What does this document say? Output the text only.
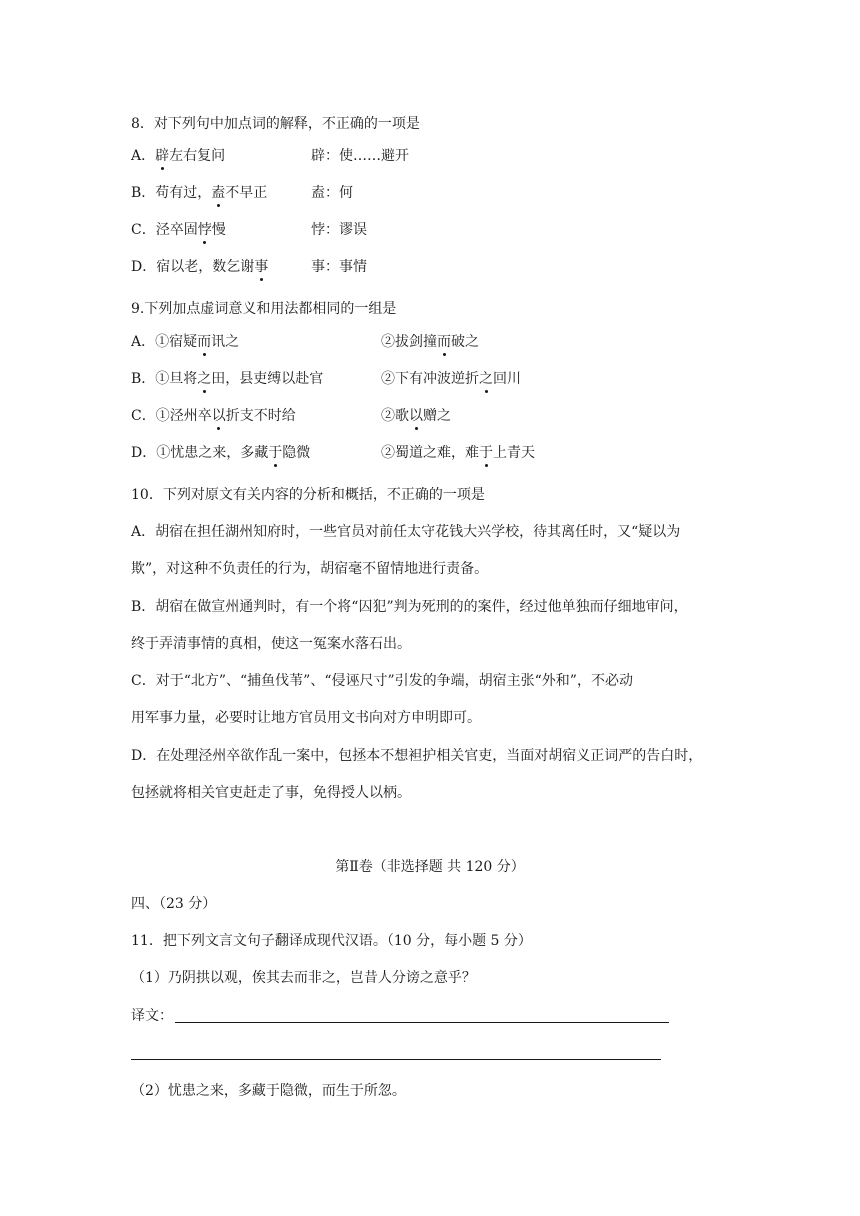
8．对下列句中加点词的解释，不正确的一项是
A．辟左右复问	辟：使……避开
B．苟有过，盍不早正	盍：何
C．泾卒固悖慢	悖：谬误
D．宿以老，数乞谢事	事：事情
9.下列加点虚词意义和用法都相同的一组是
A．①宿疑而讯之	②拔剑撞而破之
B．①旦将之田，县吏缚以赴官	②下有冲波逆折之回川
C．①泾州卒以折支不时给	②歌以赠之
D．①忧患之来，多藏于隐微	②蜀道之难，难于上青天
10．下列对原文有关内容的分析和概括，不正确的一项是
A．胡宿在担任湖州知府时，一些官员对前任太守花钱大兴学校，待其离任时，又“疑以为
欺”，对这种不负责任的行为，胡宿毫不留情地进行责备。
B．胡宿在做宣州通判时，有一个将“囚犯”判为死刑的的案件，经过他单独而仔细地审问，
终于弄清事情的真相，使这一冤案水落石出。
C．对于“北方”、“捕鱼伐苇”、“侵诬尺寸”引发的争端，胡宿主张“外和”，不必动
用军事力量，必要时让地方官员用文书向对方申明即可。
D．在处理泾州卒欲作乱一案中，包拯本不想袒护相关官吏，当面对胡宿义正词严的告白时，
包拯就将相关官吏赶走了事，免得授人以柄。
第Ⅱ卷（非选择题 共 120 分）
四、（23 分）
11．把下列文言文句子翻译成现代汉语。（10 分，每小题 5 分）
（1）乃阴拱以观，俟其去而非之，岂昔人分谤之意乎？
译文：
（2）忧患之来，多藏于隐微，而生于所忽。
